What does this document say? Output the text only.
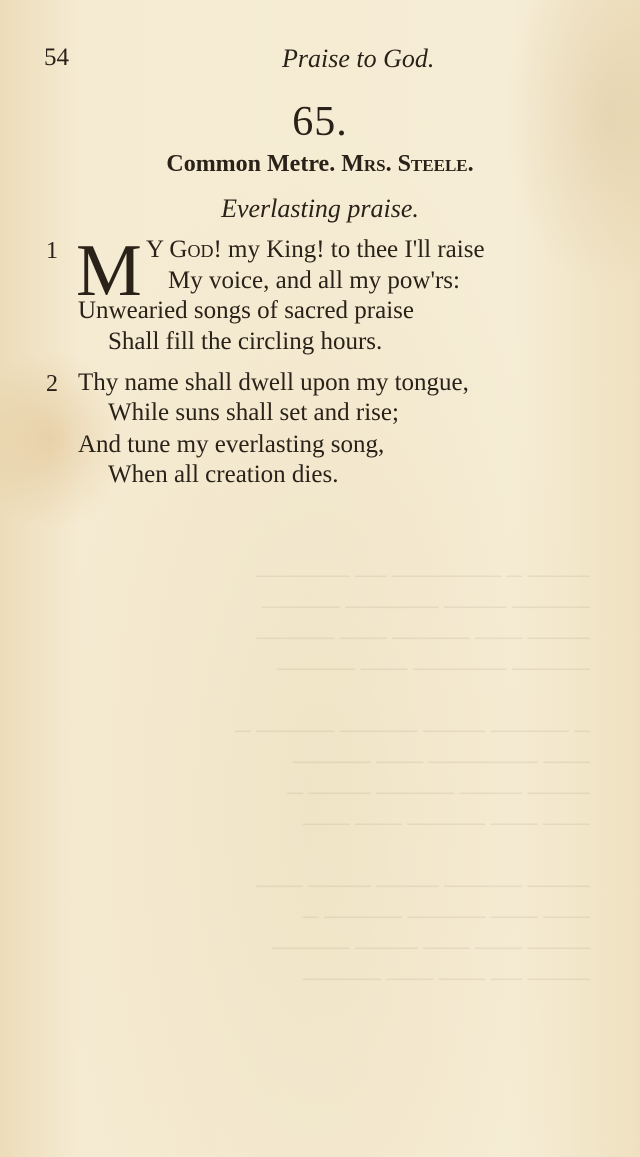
──── ─ ─────── ── ──────
───── ──── ────── ─────
──── ─── ───── ─── ─────
───── ────── ─── ─────

─ ───── ──── ───── ───── ─
─── ─────── ─── ─────
──── ──── ───── ──── ─
─── ─── ───── ─── ───

──── ───── ──── ──── ───
─── ─── ───── ───── ─
──── ─── ─── ──── ─────
──── ── ─── ─── ─────
54	Praise to God.
65.
Common Metre. Mrs. Steele.
Everlasting praise.
1 M Y God! my King! to thee I'll raise
My voice, and all my pow'rs:
Unwearied songs of sacred praise
Shall fill the circling hours.
2 Thy name shall dwell upon my tongue,
While suns shall set and rise;
And tune my everlasting song,
When all creation dies.
